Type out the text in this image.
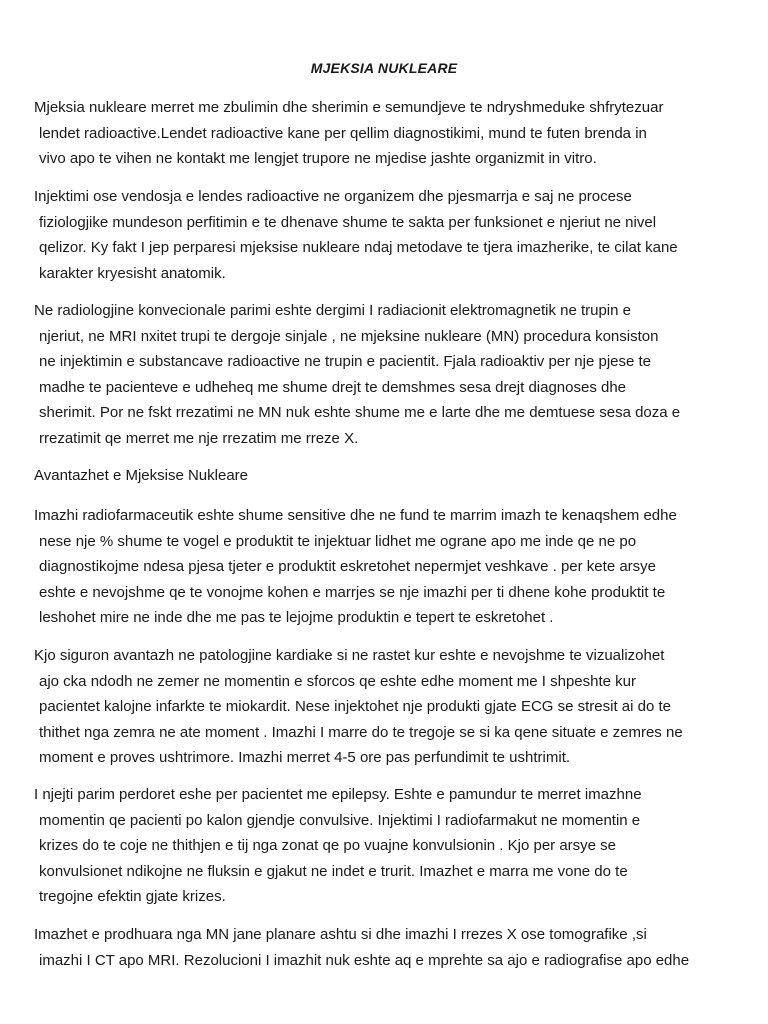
MJEKSIA NUKLEARE
Mjeksia nukleare merret me zbulimin dhe sherimin e semundjeve te ndryshmeduke shfrytezuar
lendet radioactive.Lendet radioactive kane per qellim diagnostikimi, mund te futen brenda in
vivo apo te vihen ne kontakt me lengjet trupore ne mjedise jashte organizmit in vitro.
Injektimi ose vendosja e lendes radioactive ne organizem dhe pjesmarrja e saj ne procese
fiziologjike mundeson perfitimin e te dhenave shume te sakta per funksionet e njeriut ne nivel
qelizor. Ky fakt I jep perparesi mjeksise nukleare ndaj metodave te tjera imazherike, te cilat kane
karakter kryesisht anatomik.
Ne radiologjine konvecionale parimi eshte dergimi I radiacionit elektromagnetik ne trupin e
njeriut, ne MRI nxitet trupi te dergoje sinjale , ne mjeksine nukleare (MN) procedura konsiston
ne injektimin e substancave radioactive ne trupin e pacientit. Fjala radioaktiv per nje pjese te
madhe te pacienteve e udheheq me shume drejt te demshmes sesa drejt diagnoses dhe
sherimit. Por ne fskt rrezatimi ne MN nuk eshte shume me e larte dhe me demtuese sesa doza e
rrezatimit qe merret me nje rrezatim me rreze X.
Avantazhet e Mjeksise Nukleare
Imazhi radiofarmaceutik eshte shume sensitive dhe ne fund te marrim imazh te kenaqshem edhe
nese nje % shume te vogel e produktit te injektuar lidhet me ograne apo me inde qe ne po
diagnostikojme ndesa pjesa tjeter e produktit eskretohet nepermjet veshkave . per kete arsye
eshte e nevojshme qe te vonojme kohen e marrjes se nje imazhi per ti dhene kohe produktit te
leshohet mire ne inde dhe me pas te lejojme produktin e tepert te eskretohet .
Kjo siguron avantazh ne patologjine kardiake si ne rastet kur eshte e nevojshme te vizualizohet
ajo cka ndodh ne zemer ne momentin e sforcos qe eshte edhe moment me I shpeshte kur
pacientet kalojne infarkte te miokardit. Nese injektohet nje produkti gjate ECG se stresit ai do te
thithet nga zemra ne ate moment . Imazhi I marre do te tregoje se si ka qene situate e zemres ne
moment e proves ushtrimore. Imazhi merret 4-5 ore pas perfundimit te ushtrimit.
I njejti parim perdoret eshe per pacientet me epilepsy. Eshte e pamundur te merret imazhne
momentin qe pacienti po kalon gjendje convulsive. Injektimi I radiofarmakut ne momentin e
krizes do te coje ne thithjen e tij nga zonat qe po vuajne konvulsionin . Kjo per arsye se
konvulsionet ndikojne ne fluksin e gjakut ne indet e trurit. Imazhet e marra me vone do te
tregojne efektin gjate krizes.
Imazhet e prodhuara nga MN jane planare ashtu si dhe imazhi I rrezes X ose tomografike ,si
imazhi I CT apo MRI. Rezolucioni I imazhit nuk eshte aq e mprehte sa ajo e radiografise apo edhe
